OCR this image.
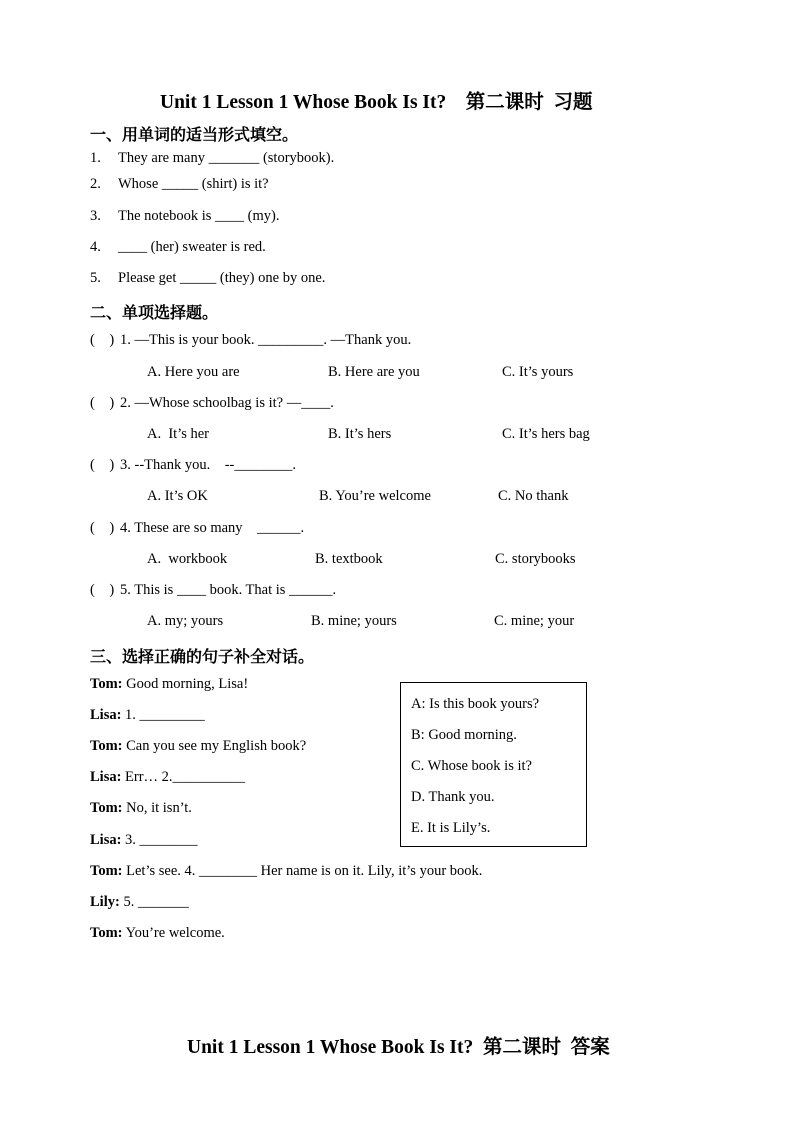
Unit 1 Lesson 1 Whose Book Is It?    第二课时  习题
一、用单词的适当形式填空。
1. They are many _______ (storybook).
2. Whose _____ (shirt) is it?
3. The notebook is ____ (my).
4. ____ (her) sweater is red.
5. Please get _____ (they) one by one.
二、单项选择题。
(    ) 1. —This is your book. _________. —Thank you.
A. Here you are	B. Here are you	C. It’s yours
(    ) 2. —Whose schoolbag is it? —____.
A.  It’s her	B. It’s hers	C. It’s hers bag
(    ) 3. --Thank you.    --________.
A. It’s OK	B. You’re welcome	C. No thank
(    ) 4. These are so many    ______.
A.  workbook	B. textbook	C. storybooks
(    ) 5. This is ____ book. That is ______.
A. my; yours	B. mine; yours	C. mine; your
三、选择正确的句子补全对话。
Tom: Good morning, Lisa!
Lisa: 1. _________
Tom: Can you see my English book?
Lisa: Err… 2.__________
Tom: No, it isn’t.
Lisa: 3. ________
Tom: Let’s see. 4. ________ Her name is on it. Lily, it’s your book.
Lily: 5. _______
Tom: You’re welcome.
A: Is this book yours?
B: Good morning.
C. Whose book is it?
D. Thank you.
E. It is Lily’s.
Unit 1 Lesson 1 Whose Book Is It?  第二课时  答案
